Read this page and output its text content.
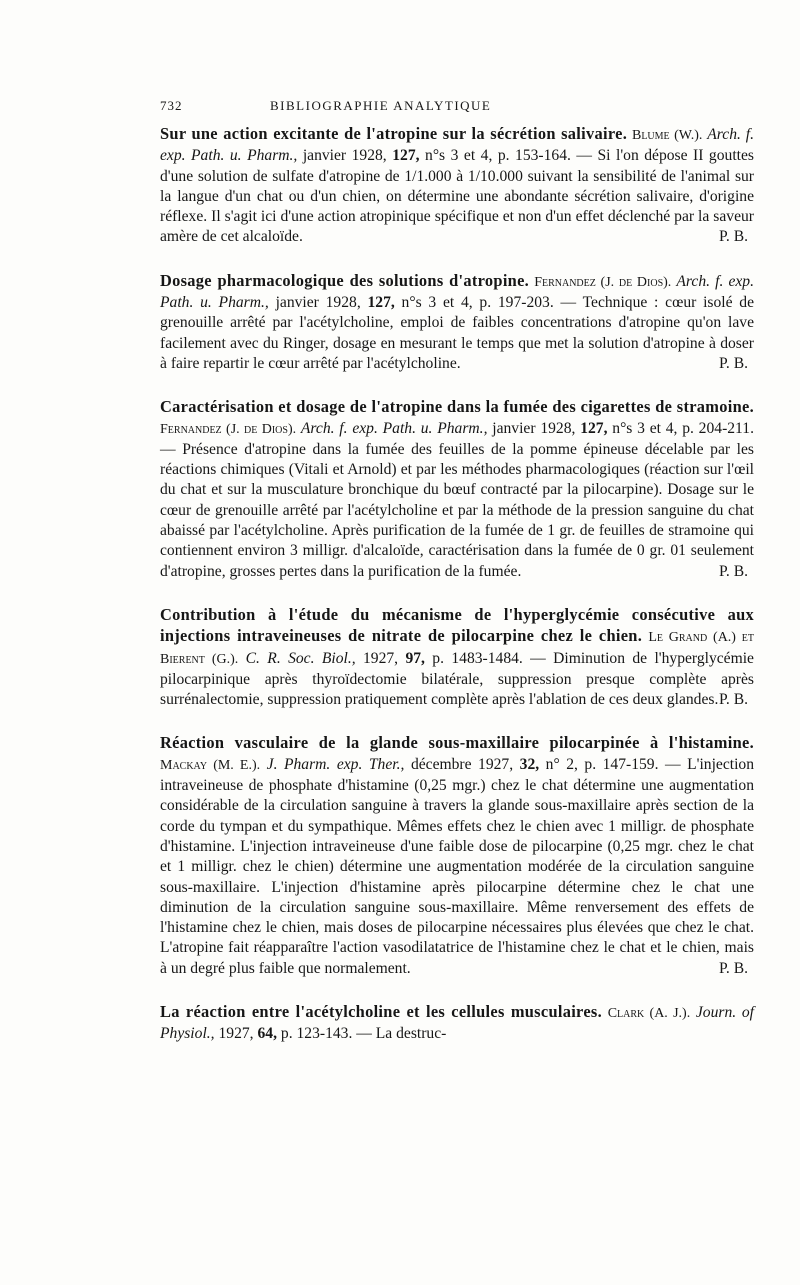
732	BIBLIOGRAPHIE ANALYTIQUE

Sur une action excitante de l'atropine sur la sécrétion salivaire. Blume (W.). Arch. f. exp. Path. u. Pharm., janvier 1928, 127, n°s 3 et 4, p. 153-164. — Si l'on dépose II gouttes d'une solution de sulfate d'atropine de 1/1.000 à 1/10.000 suivant la sensibilité de l'animal sur la langue d'un chat ou d'un chien, on détermine une abondante sécrétion salivaire, d'origine réflexe. Il s'agit ici d'une action atropinique spécifique et non d'un effet déclenché par la saveur amère de cet alcaloïde.	P. B.

Dosage pharmacologique des solutions d'atropine. Fernandez (J. de Dios). Arch. f. exp. Path. u. Pharm., janvier 1928, 127, n°s 3 et 4, p. 197-203. — Technique : cœur isolé de grenouille arrêté par l'acétylcholine, emploi de faibles concentrations d'atropine qu'on lave facilement avec du Ringer, dosage en mesurant le temps que met la solution d'atropine à doser à faire repartir le cœur arrêté par l'acétylcholine.	P. B.

Caractérisation et dosage de l'atropine dans la fumée des cigarettes de stramoine. Fernandez (J. de Dios). Arch. f. exp. Path. u. Pharm., janvier 1928, 127, n°s 3 et 4, p. 204-211. — Présence d'atropine dans la fumée des feuilles de la pomme épineuse décelable par les réactions chimiques (Vitali et Arnold) et par les méthodes pharmacologiques (réaction sur l'œil du chat et sur la musculature bronchique du bœuf contracté par la pilocarpine). Dosage sur le cœur de grenouille arrêté par l'acétylcholine et par la méthode de la pression sanguine du chat abaissé par l'acétylcholine. Après purification de la fumée de 1 gr. de feuilles de stramoine qui contiennent environ 3 milligr. d'alcaloïde, caractérisation dans la fumée de 0 gr. 01 seulement d'atropine, grosses pertes dans la purification de la fumée.	P. B.

Contribution à l'étude du mécanisme de l'hyperglycémie consécutive aux injections intraveineuses de nitrate de pilocarpine chez le chien. Le Grand (A.) et Bierent (G.). C. R. Soc. Biol., 1927, 97, p. 1483-1484. — Diminution de l'hyperglycémie pilocarpinique après thyroïdectomie bilatérale, suppression presque complète après surrénalectomie, suppression pratiquement complète après l'ablation de ces deux glandes. P. B.

Réaction vasculaire de la glande sous-maxillaire pilocarpinée à l'histamine. Mackay (M. E.). J. Pharm. exp. Ther., décembre 1927, 32, n° 2, p. 147-159. — L'injection intraveineuse de phosphate d'histamine (0,25 mgr.) chez le chat détermine une augmentation considérable de la circulation sanguine à travers la glande sous-maxillaire après section de la corde du tympan et du sympathique. Mêmes effets chez le chien avec 1 milligr. de phosphate d'histamine. L'injection intraveineuse d'une faible dose de pilocarpine (0,25 mgr. chez le chat et 1 milligr. chez le chien) détermine une augmentation modérée de la circulation sanguine sous-maxillaire. L'injection d'histamine après pilocarpine détermine chez le chat une diminution de la circulation sanguine sous-maxillaire. Même renversement des effets de l'histamine chez le chien, mais doses de pilocarpine nécessaires plus élevées que chez le chat. L'atropine fait réapparaître l'action vasodilatatrice de l'histamine chez le chat et le chien, mais à un degré plus faible que normalement.	P. B.

La réaction entre l'acétylcholine et les cellules musculaires. Clark (A. J.). Journ. of Physiol., 1927, 64, p. 123-143. — La destruc-
